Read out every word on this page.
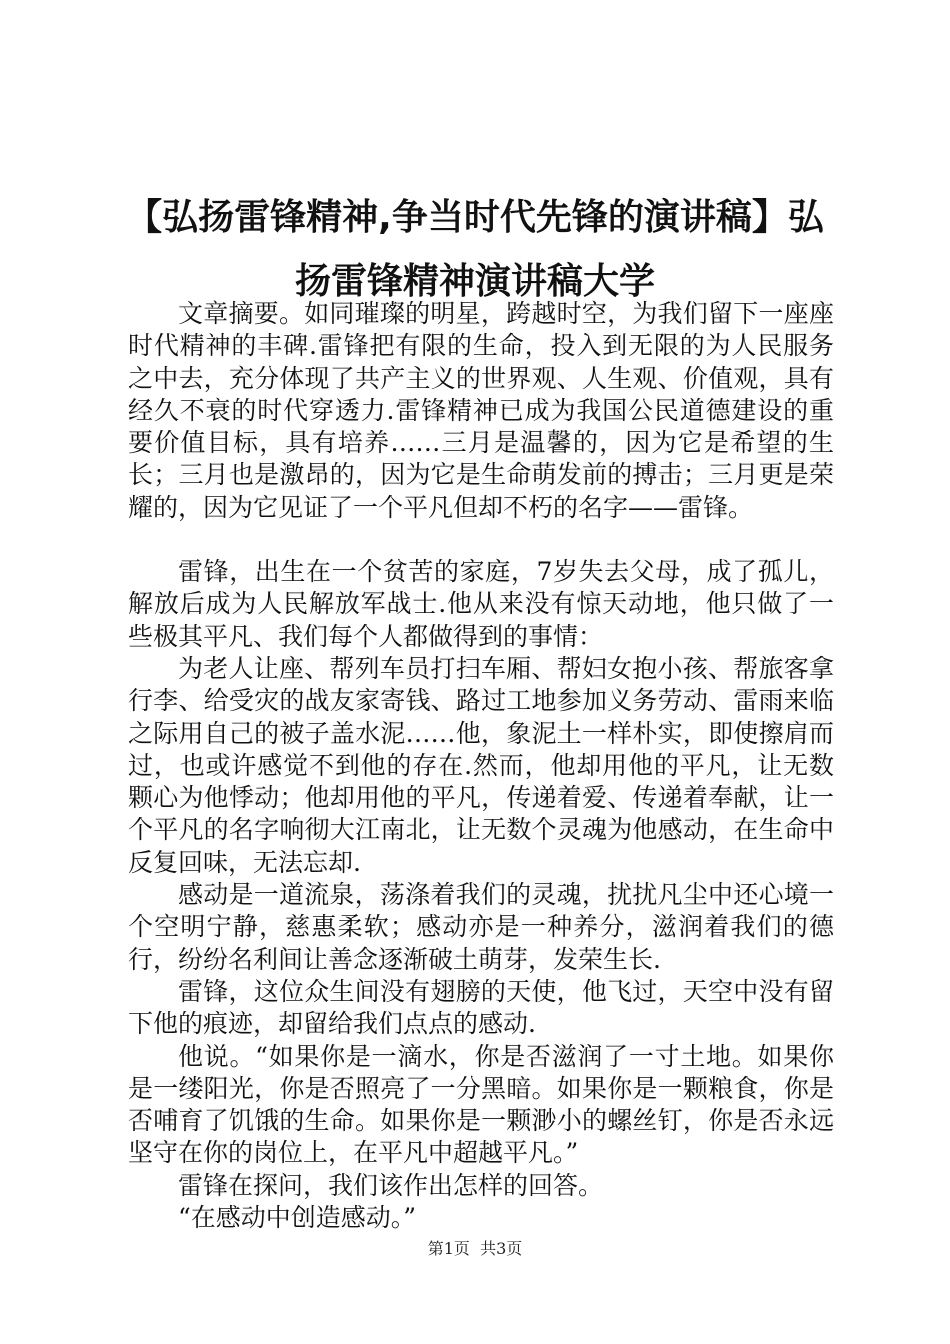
【弘扬雷锋精神,争当时代先锋的演讲稿】弘扬雷锋精神演讲稿大学

文章摘要。如同璀璨的明星，跨越时空，为我们留下一座座时代精神的丰碑.雷锋把有限的生命，投入到无限的为人民服务之中去，充分体现了共产主义的世界观、人生观、价值观，具有经久不衰的时代穿透力.雷锋精神已成为我国公民道德建设的重要价值目标，具有培养……三月是温馨的，因为它是希望的生长；三月也是激昂的，因为它是生命萌发前的搏击；三月更是荣耀的，因为它见证了一个平凡但却不朽的名字——雷锋。

雷锋，出生在一个贫苦的家庭，7岁失去父母，成了孤儿，解放后成为人民解放军战士.他从来没有惊天动地，他只做了一些极其平凡、我们每个人都做得到的事情：

为老人让座、帮列车员打扫车厢、帮妇女抱小孩、帮旅客拿行李、给受灾的战友家寄钱、路过工地参加义务劳动、雷雨来临之际用自己的被子盖水泥……他，象泥土一样朴实，即使擦肩而过，也或许感觉不到他的存在.然而，他却用他的平凡，让无数颗心为他悸动；他却用他的平凡，传递着爱、传递着奉献，让一个平凡的名字响彻大江南北，让无数个灵魂为他感动，在生命中反复回味，无法忘却.

感动是一道流泉，荡涤着我们的灵魂，扰扰凡尘中还心境一个空明宁静，慈惠柔软；感动亦是一种养分，滋润着我们的德行，纷纷名利间让善念逐渐破土萌芽，发荣生长.

雷锋，这位众生间没有翅膀的天使，他飞过，天空中没有留下他的痕迹，却留给我们点点的感动.

他说。“如果你是一滴水，你是否滋润了一寸土地。如果你是一缕阳光，你是否照亮了一分黑暗。如果你是一颗粮食，你是否哺育了饥饿的生命。如果你是一颗渺小的螺丝钉，你是否永远坚守在你的岗位上，在平凡中超越平凡。”

雷锋在探问，我们该作出怎样的回答。

“在感动中创造感动。”

第1页  共3页
